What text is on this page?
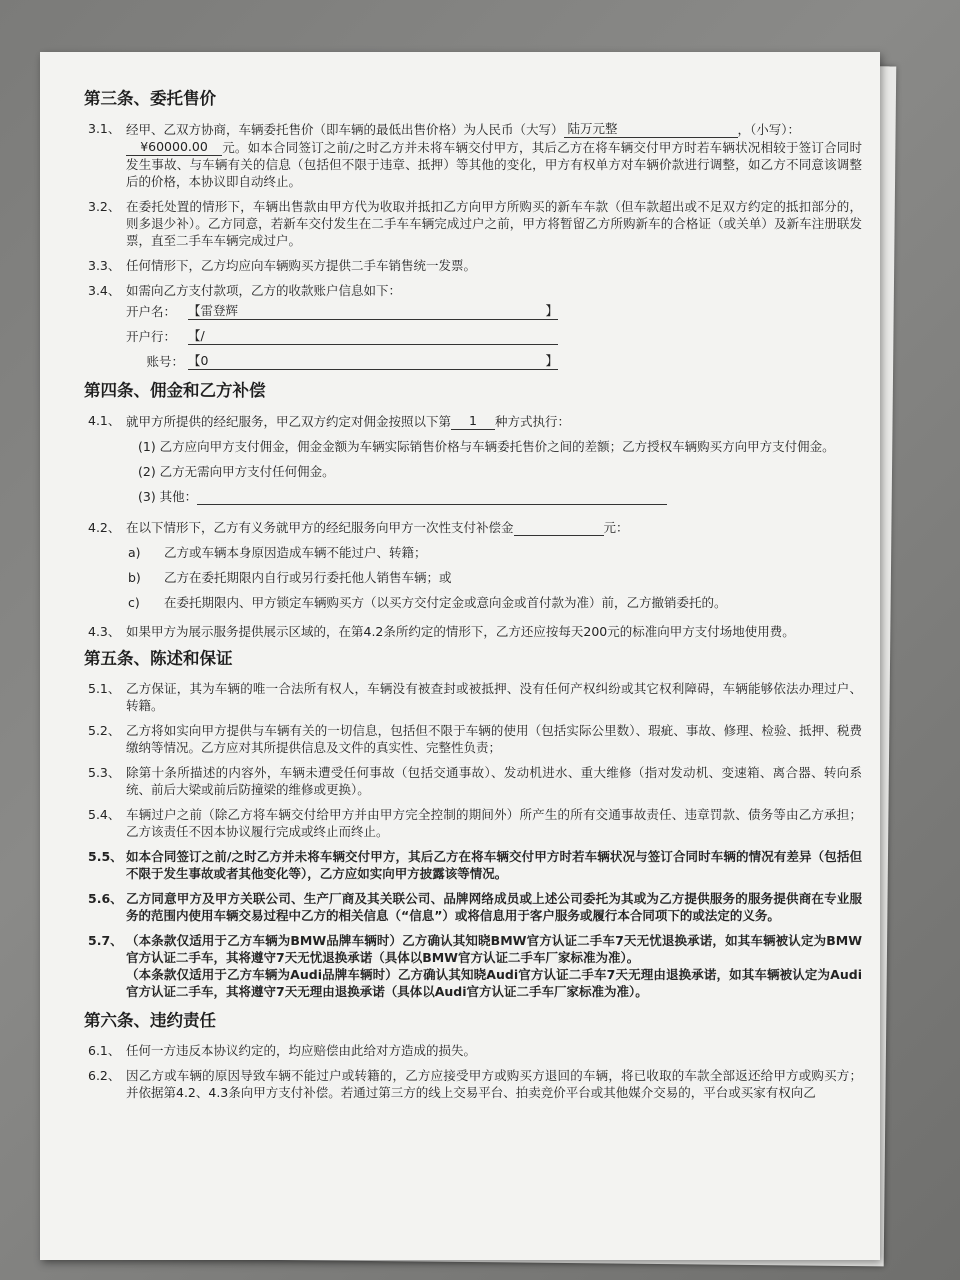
第三条、委托售价
3.1、 经甲、乙双方协商，车辆委托售价（即车辆的最低出售价格）为人民币（大写） 陆万元整	，（小写）：
¥60000.00 元。如本合同签订之前/之时乙方并未将车辆交付甲方，其后乙方在将车辆交付甲方时若车辆状况相较于签订合同时发生事故、与车辆有关的信息（包括但不限于违章、抵押）等其他的变化，甲方有权单方对车辆价款进行调整，如乙方不同意该调整后的价格，本协议即自动终止。
3.2、 在委托处置的情形下，车辆出售款由甲方代为收取并抵扣乙方向甲方所购买的新车车款（但车款超出或不足双方约定的抵扣部分的，则多退少补）。乙方同意，若新车交付发生在二手车车辆完成过户之前，甲方将暂留乙方所购新车的合格证（或关单）及新车注册联发票，直至二手车车辆完成过户。
3.3、 任何情形下，乙方均应向车辆购买方提供二手车销售统一发票。
3.4、 如需向乙方支付款项，乙方的收款账户信息如下：
开户名： 【雷登辉	】
开户行： 【/
账号： 【0	】
第四条、佣金和乙方补偿
4.1、 就甲方所提供的经纪服务，甲乙双方约定对佣金按照以下第 1 种方式执行：
(1) 乙方应向甲方支付佣金，佣金金额为车辆实际销售价格与车辆委托售价之间的差额；乙方授权车辆购买方向甲方支付佣金。
(2) 乙方无需向甲方支付任何佣金。
(3) 其他：
4.2、 在以下情形下，乙方有义务就甲方的经纪服务向甲方一次性支付补偿金	元：
a)	乙方或车辆本身原因造成车辆不能过户、转籍；
b)	乙方在委托期限内自行或另行委托他人销售车辆；或
c)	在委托期限内、甲方锁定车辆购买方（以买方交付定金或意向金或首付款为准）前，乙方撤销委托的。
4.3、 如果甲方为展示服务提供展示区域的，在第4.2条所约定的情形下，乙方还应按每天200元的标准向甲方支付场地使用费。
第五条、陈述和保证
5.1、 乙方保证，其为车辆的唯一合法所有权人，车辆没有被查封或被抵押、没有任何产权纠纷或其它权利障碍，车辆能够依法办理过户、转籍。
5.2、 乙方将如实向甲方提供与车辆有关的一切信息，包括但不限于车辆的使用（包括实际公里数）、瑕疵、事故、修理、检验、抵押、税费缴纳等情况。乙方应对其所提供信息及文件的真实性、完整性负责；
5.3、 除第十条所描述的内容外，车辆未遭受任何事故（包括交通事故）、发动机进水、重大维修（指对发动机、变速箱、离合器、转向系统、前后大梁或前后防撞梁的维修或更换）。
5.4、 车辆过户之前（除乙方将车辆交付给甲方并由甲方完全控制的期间外）所产生的所有交通事故责任、违章罚款、债务等由乙方承担；乙方该责任不因本协议履行完成或终止而终止。
5.5、 如本合同签订之前/之时乙方并未将车辆交付甲方，其后乙方在将车辆交付甲方时若车辆状况与签订合同时车辆的情况有差异（包括但不限于发生事故或者其他变化等），乙方应如实向甲方披露该等情况。
5.6、 乙方同意甲方及甲方关联公司、生产厂商及其关联公司、品牌网络成员或上述公司委托为其或为乙方提供服务的服务提供商在专业服务的范围内使用车辆交易过程中乙方的相关信息（“信息”）或将信息用于客户服务或履行本合同项下的或法定的义务。
5.7、 （本条款仅适用于乙方车辆为BMW品牌车辆时）乙方确认其知晓BMW官方认证二手车7天无忧退换承诺，如其车辆被认定为BMW官方认证二手车，其将遵守7天无忧退换承诺（具体以BMW官方认证二手车厂家标准为准）。
（本条款仅适用于乙方车辆为Audi品牌车辆时）乙方确认其知晓Audi官方认证二手车7天无理由退换承诺，如其车辆被认定为Audi官方认证二手车，其将遵守7天无理由退换承诺（具体以Audi官方认证二手车厂家标准为准）。
第六条、违约责任
6.1、 任何一方违反本协议约定的，均应赔偿由此给对方造成的损失。
6.2、 因乙方或车辆的原因导致车辆不能过户或转籍的，乙方应接受甲方或购买方退回的车辆，将已收取的车款全部返还给甲方或购买方；并依据第4.2、4.3条向甲方支付补偿。若通过第三方的线上交易平台、拍卖竞价平台或其他媒介交易的，平台或买家有权向乙
